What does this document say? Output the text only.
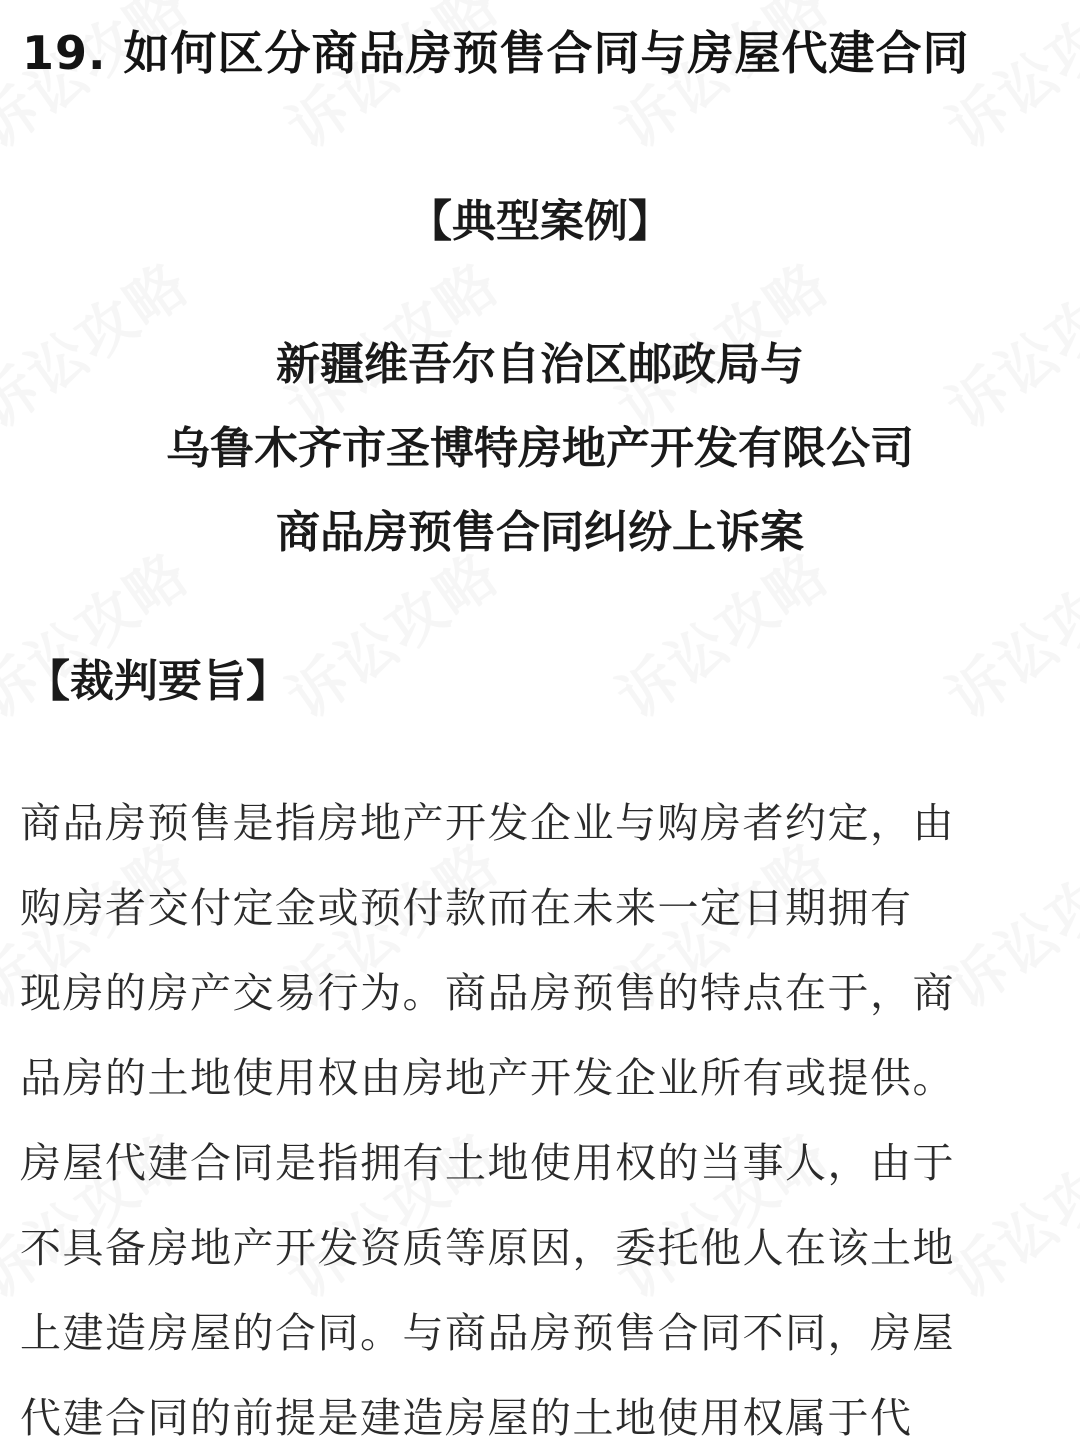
19. 如何区分商品房预售合同与房屋代建合同
【典型案例】
新疆维吾尔自治区邮政局与
乌鲁木齐市圣博特房地产开发有限公司
商品房预售合同纠纷上诉案
【裁判要旨】
商品房预售是指房地产开发企业与购房者约定，由
购房者交付定金或预付款而在未来一定日期拥有
现房的房产交易行为。商品房预售的特点在于，商
品房的土地使用权由房地产开发企业所有或提供。
房屋代建合同是指拥有土地使用权的当事人，由于
不具备房地产开发资质等原因，委托他人在该土地
上建造房屋的合同。与商品房预售合同不同，房屋
代建合同的前提是建造房屋的土地使用权属于代
